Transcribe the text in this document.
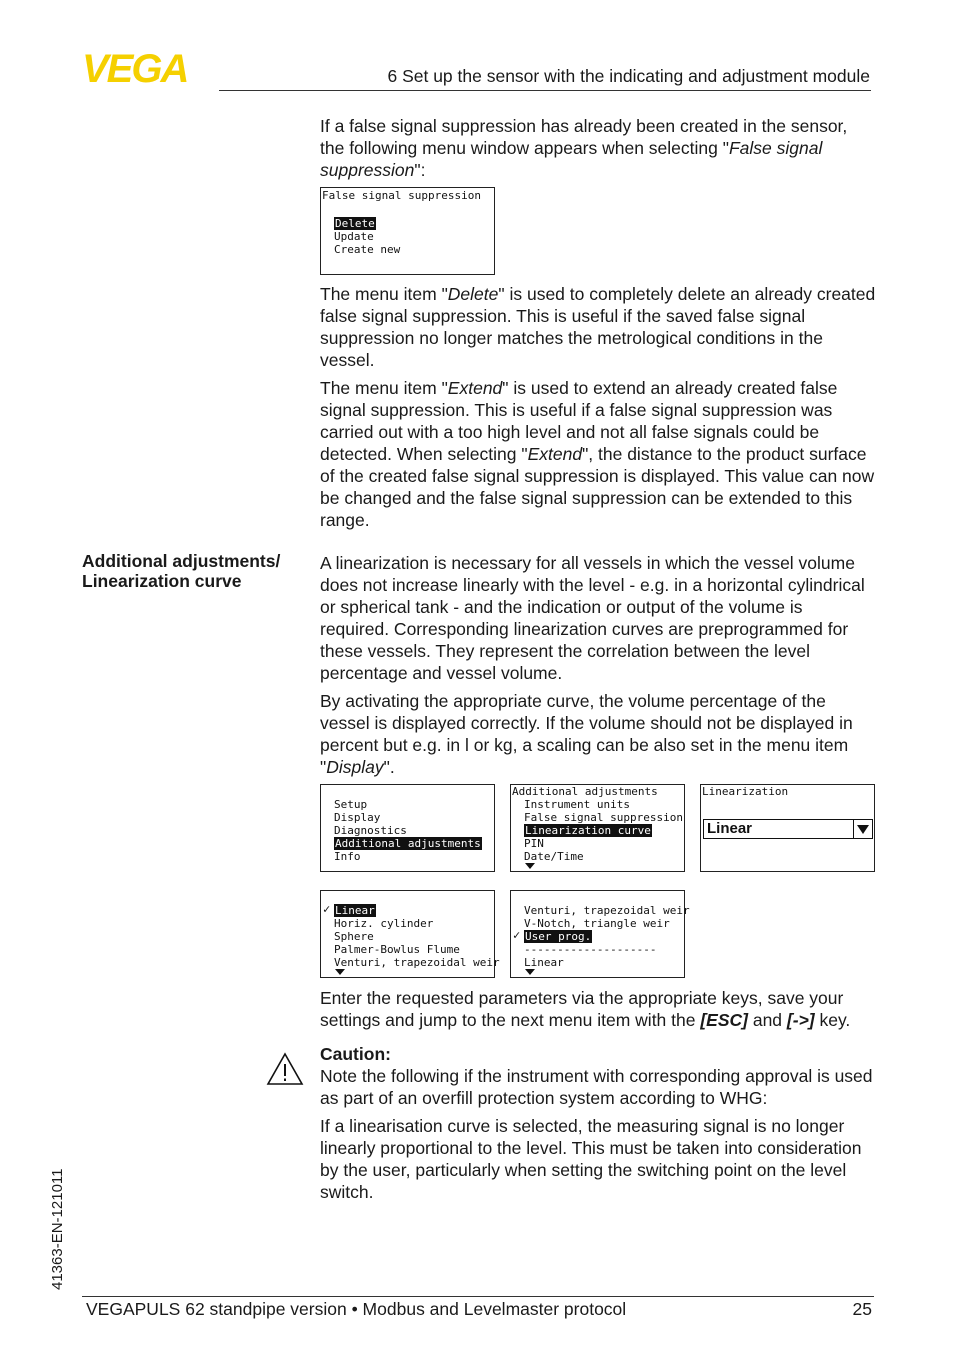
VEGA	6 Set up the sensor with the indicating and adjustment module

If a false signal suppression has already been created in the sensor, the following menu window appears when selecting "False signal suppression":

False signal suppression
Delete
Update
Create new

The menu item "Delete" is used to completely delete an already created false signal suppression. This is useful if the saved false signal suppression no longer matches the metrological conditions in the vessel.

The menu item "Extend" is used to extend an already created false signal suppression. This is useful if a false signal suppression was carried out with a too high level and not all false signals could be detected. When selecting "Extend", the distance to the product surface of the created false signal suppression is displayed. This value can now be changed and the false signal suppression can be extended to this range.

Additional adjustments/
Linearization curve

A linearization is necessary for all vessels in which the vessel volume does not increase linearly with the level - e.g. in a horizontal cylindrical or spherical tank - and the indication or output of the volume is required. Corresponding linearization curves are preprogrammed for these vessels. They represent the correlation between the level percentage and vessel volume.

By activating the appropriate curve, the volume percentage of the vessel is displayed correctly. If the volume should not be displayed in percent but e.g. in l or kg, a scaling can be also set in the menu item "Display".

Setup
Display
Diagnostics
Additional adjustments
Info
Additional adjustments
Instrument units
False signal suppression
Linearization curve
PIN
Date/Time
Linearization
Linear
✓ Linear
Horiz. cylinder
Sphere
Palmer-Bowlus Flume
Venturi, trapezoidal weir
Venturi, trapezoidal weir
V-Notch, triangle weir
✓ User prog.
--------------------
Linear

Enter the requested parameters via the appropriate keys, save your settings and jump to the next menu item with the [ESC] and [->] key.

Caution:

Note the following if the instrument with corresponding approval is used as part of an overfill protection system according to WHG:

If a linearisation curve is selected, the measuring signal is no longer linearly proportional to the level. This must be taken into consideration by the user, particularly when setting the switching point on the level switch.

41363-EN-121011
VEGAPULS 62 standpipe version • Modbus and Levelmaster protocol	25
